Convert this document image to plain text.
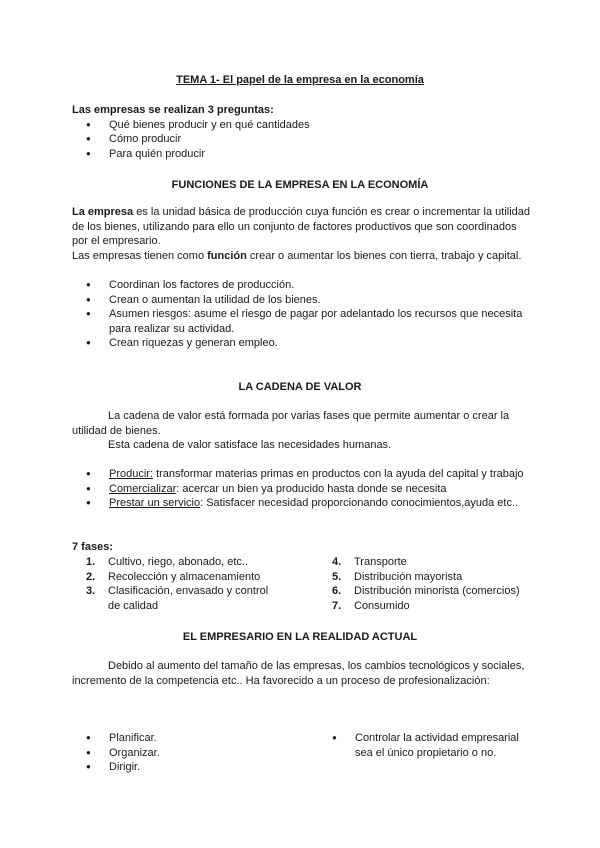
TEMA 1- El papel de la empresa en la economía
Las empresas se realizan 3 preguntas:
● Qué bienes producir y en qué cantidades
● Cómo producir
● Para quién producir
FUNCIONES DE LA EMPRESA EN LA ECONOMÍA

La empresa es la unidad básica de producción cuya función es crear o incrementar la utilidad de los bienes, utilizando para ello un conjunto de factores productivos que son coordinados por el empresario.

Las empresas tienen como función crear o aumentar los bienes con tierra, trabajo y capital.

● Coordinan los factores de producción.
● Crean o aumentan la utilidad de los bienes.
● Asumen riesgos: asume el riesgo de pagar por adelantado los recursos que necesita para realizar su actividad.
● Crean riquezas y generan empleo.
LA CADENA DE VALOR

La cadena de valor está formada por varias fases que permite aumentar o crear la utilidad de bienes.

Esta cadena de valor satisface las necesidades humanas.

● Producir: transformar materias primas en productos con la ayuda del capital y trabajo
● Comercializar: acercar un bien ya producido hasta donde se necesita
● Prestar un servicio: Satisfacer necesidad proporcionando conocimientos,ayuda etc..
7 fases:
1. Cultivo, riego, abonado, etc..
2. Recolección y almacenamiento
3. Clasificación, envasado y control de calidad
4. Transporte
5. Distribución mayorista
6. Distribución minorista (comercios)
7. Consumido
EL EMPRESARIO EN LA REALIDAD ACTUAL

Debido al aumento del tamaño de las empresas, los cambios tecnológicos y sociales, incremento de la competencia etc.. Ha favorecido a un proceso de profesionalización:

● Planificar.
● Organizar.
● Dirigir.
● Controlar la actividad empresarial sea el único propietario o no.
